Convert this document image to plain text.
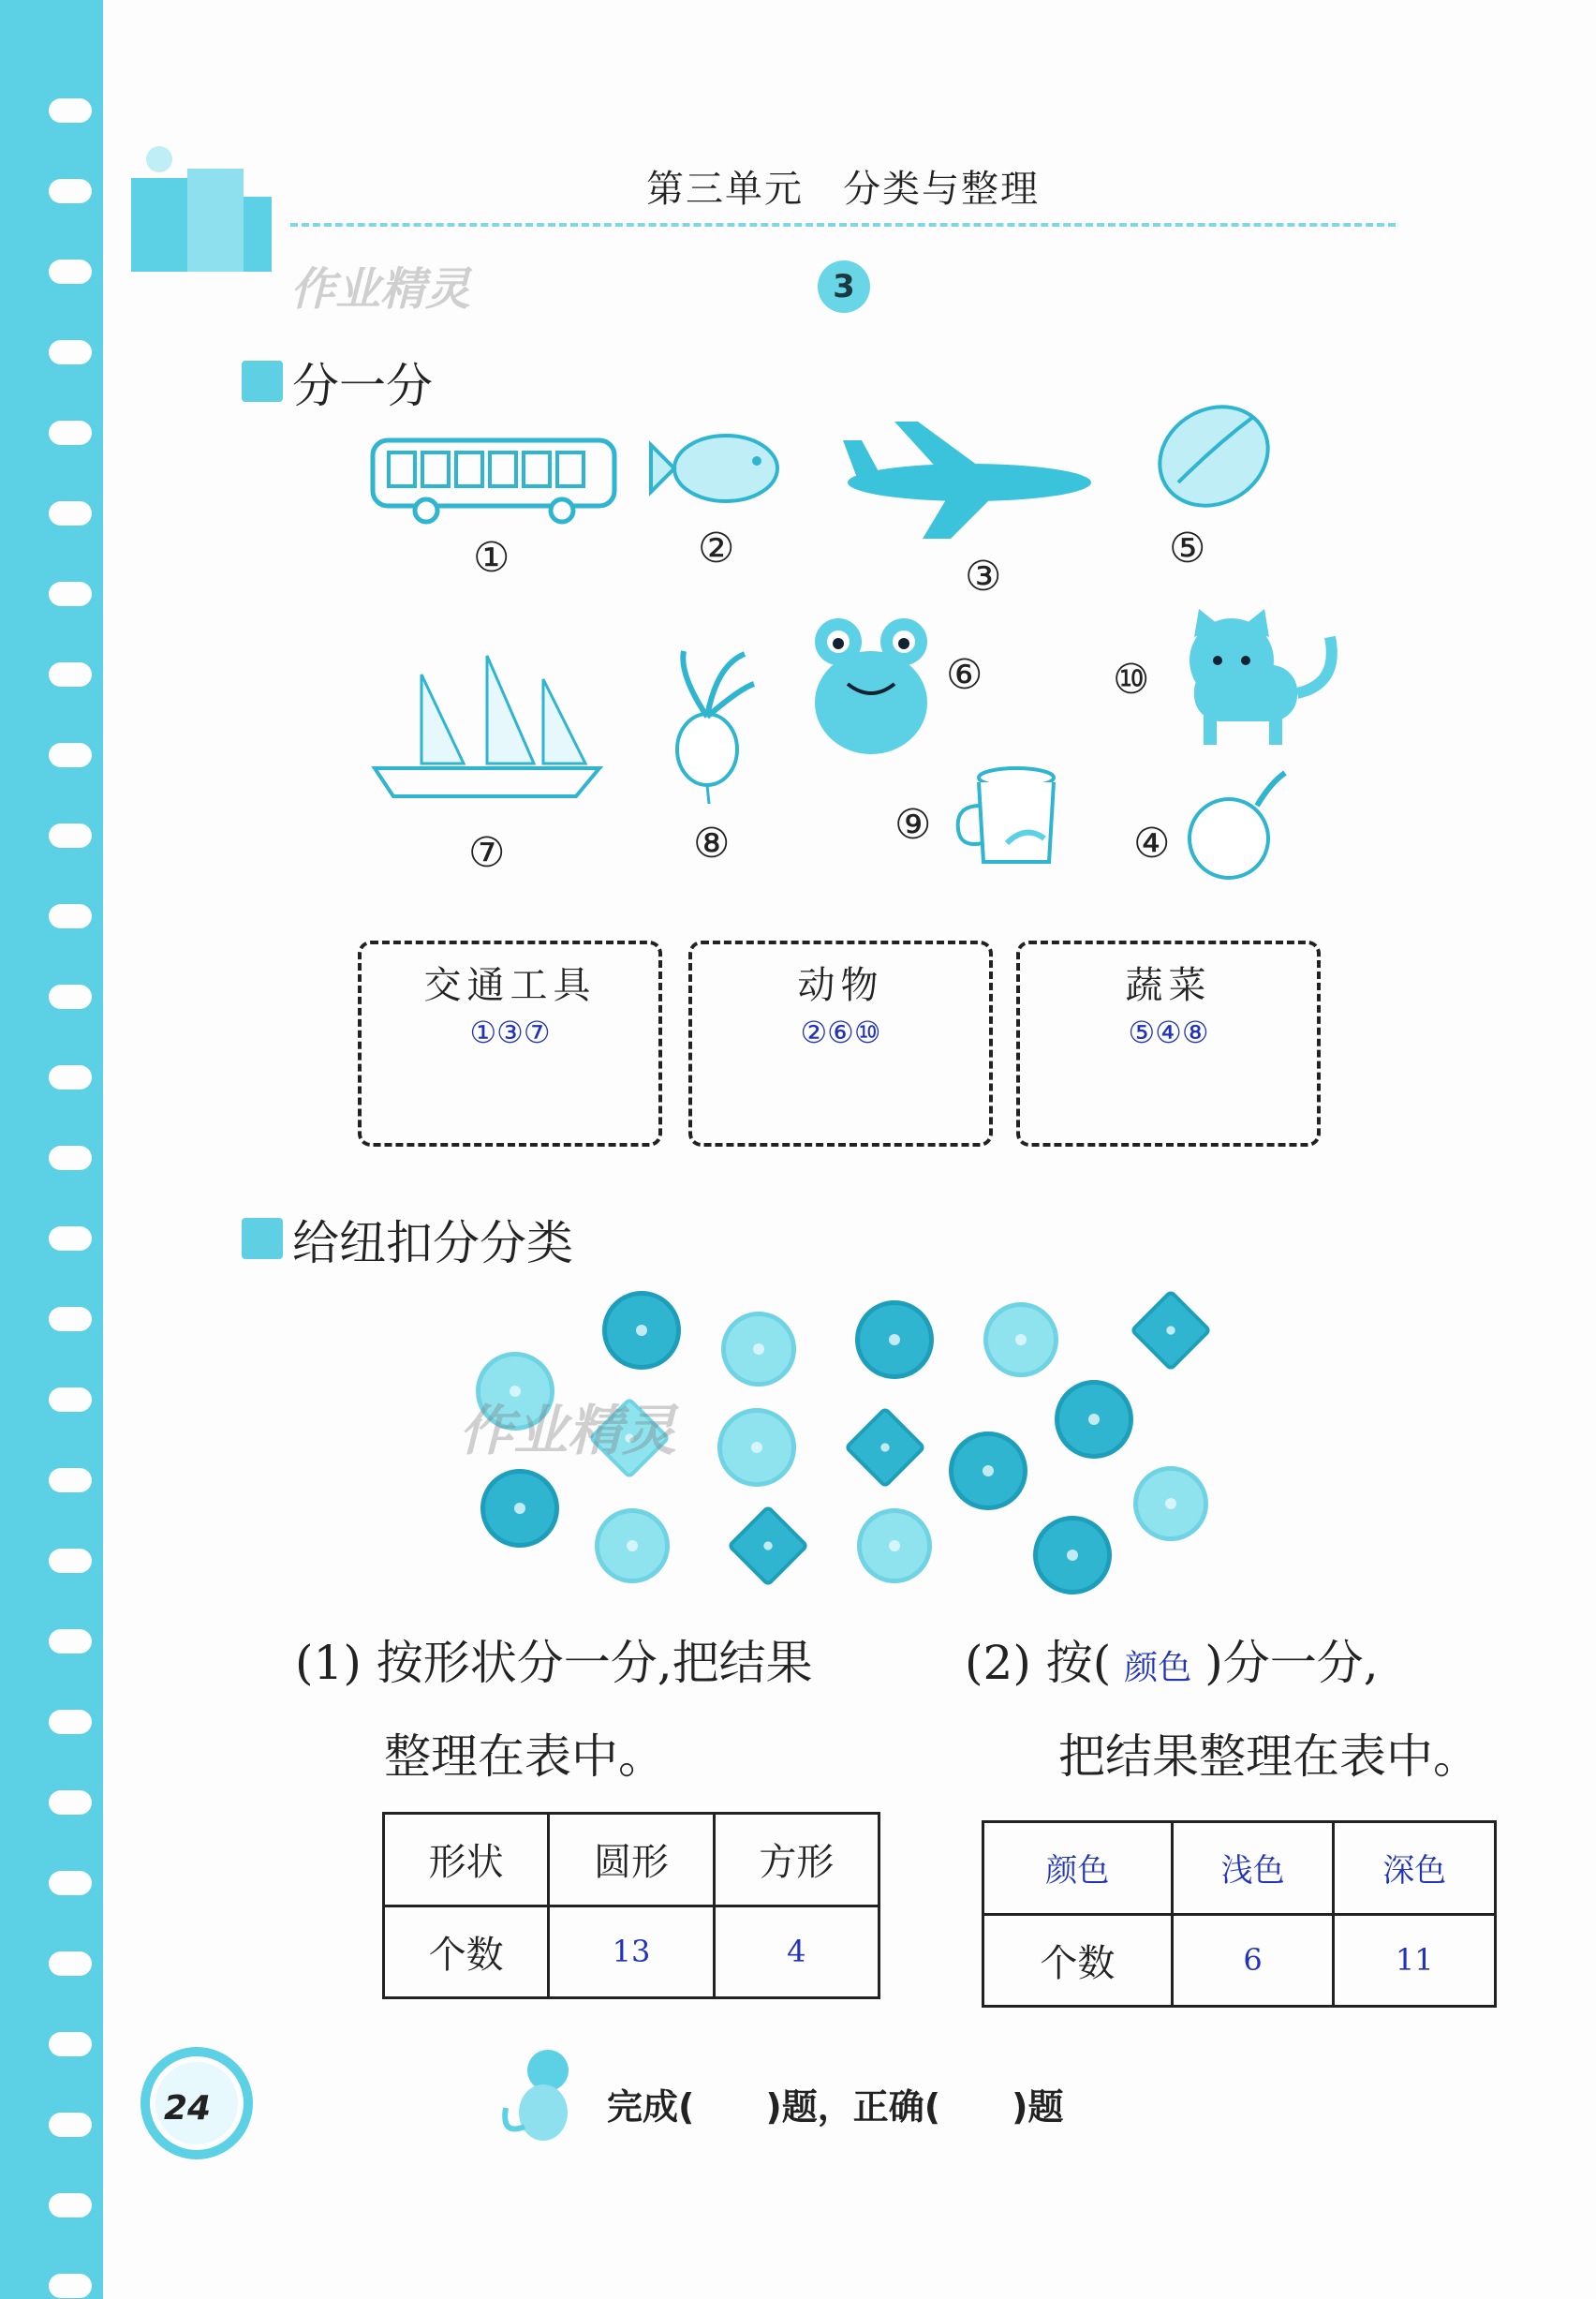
第三单元　分类与整理
作业精灵	3
分一分
①	②
③
⑤
⑦	⑧
⑥	⑩
⑨	④
交通工具
①③⑦
动物
②⑥⑩
蔬菜
⑤④⑧
给纽扣分分类
作业精灵
(1) 按形状分一分,把结果
整理在表中。
(2) 按( 颜色 )分一分,
把结果整理在表中。
形状	圆形	方形
个数	13	4
颜色	浅色	深色
个数	6	11
24	完成(　　)题，正确(　　)题
